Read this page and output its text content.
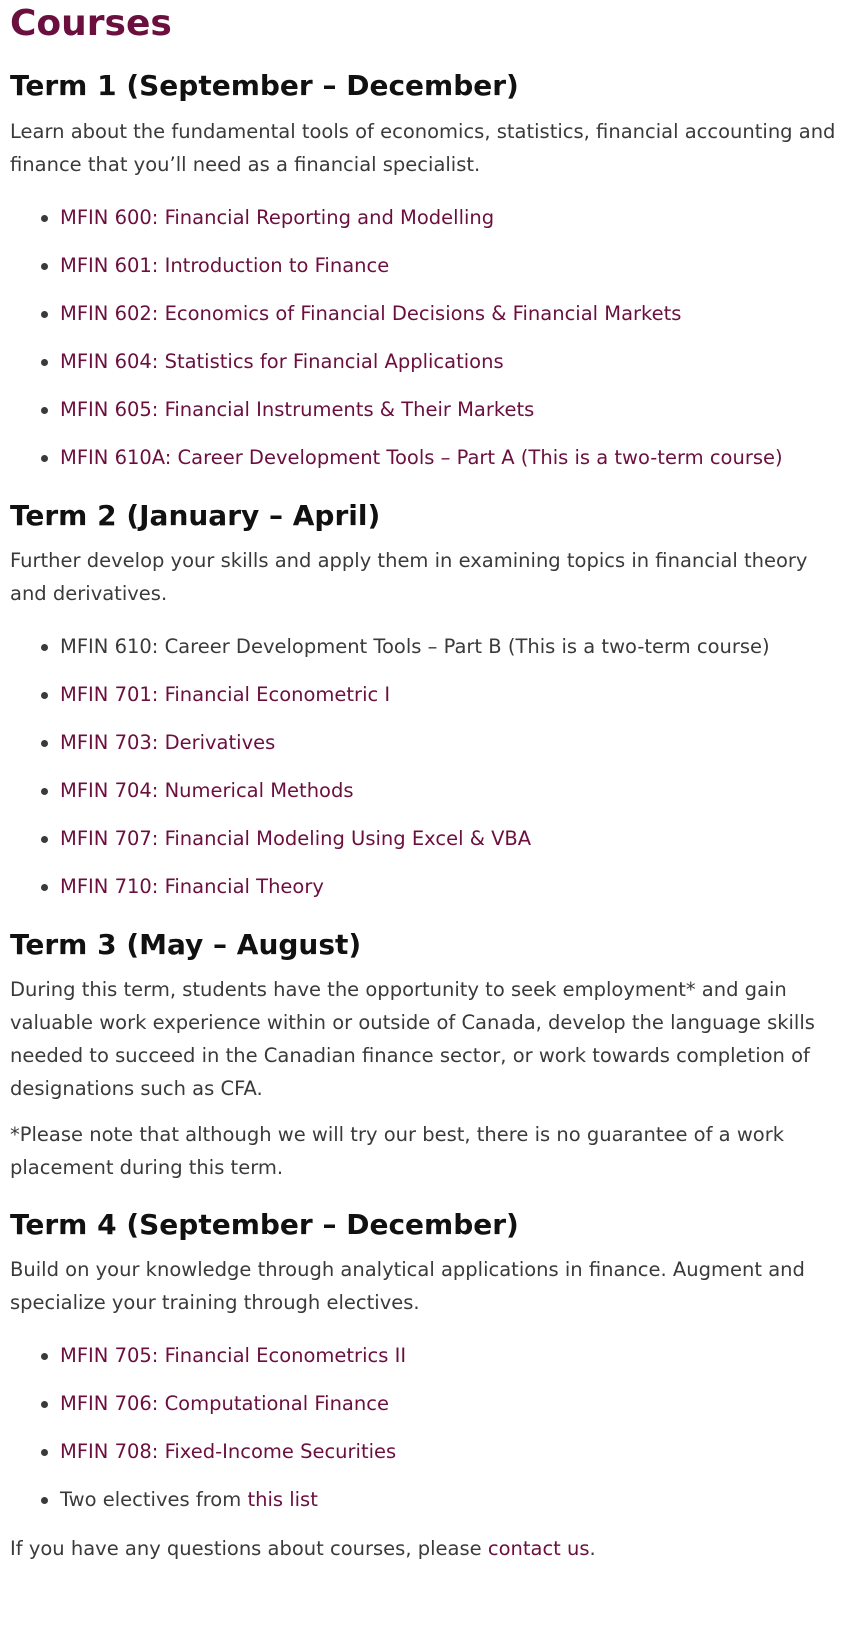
Courses
Term 1 (September – December)

Learn about the fundamental tools of economics, statistics, financial accounting and finance that you’ll need as a financial specialist.

MFIN 600: Financial Reporting and Modelling
MFIN 601: Introduction to Finance
MFIN 602: Economics of Financial Decisions & Financial Markets
MFIN 604: Statistics for Financial Applications
MFIN 605: Financial Instruments & Their Markets
MFIN 610A: Career Development Tools – Part A (This is a two-term course)
Term 2 (January – April)

Further develop your skills and apply them in examining topics in financial theory and derivatives.

MFIN 610: Career Development Tools – Part B (This is a two-term course)
MFIN 701: Financial Econometric I
MFIN 703: Derivatives
MFIN 704: Numerical Methods
MFIN 707: Financial Modeling Using Excel & VBA
MFIN 710: Financial Theory
Term 3 (May – August)

During this term, students have the opportunity to seek employment* and gain valuable work experience within or outside of Canada, develop the language skills needed to succeed in the Canadian finance sector, or work towards completion of designations such as CFA.

*Please note that although we will try our best, there is no guarantee of a work placement during this term.

Term 4 (September – December)

Build on your knowledge through analytical applications in finance. Augment and specialize your training through electives.

MFIN 705: Financial Econometrics II
MFIN 706: Computational Finance
MFIN 708: Fixed-Income Securities
Two electives from this list

If you have any questions about courses, please contact us.
